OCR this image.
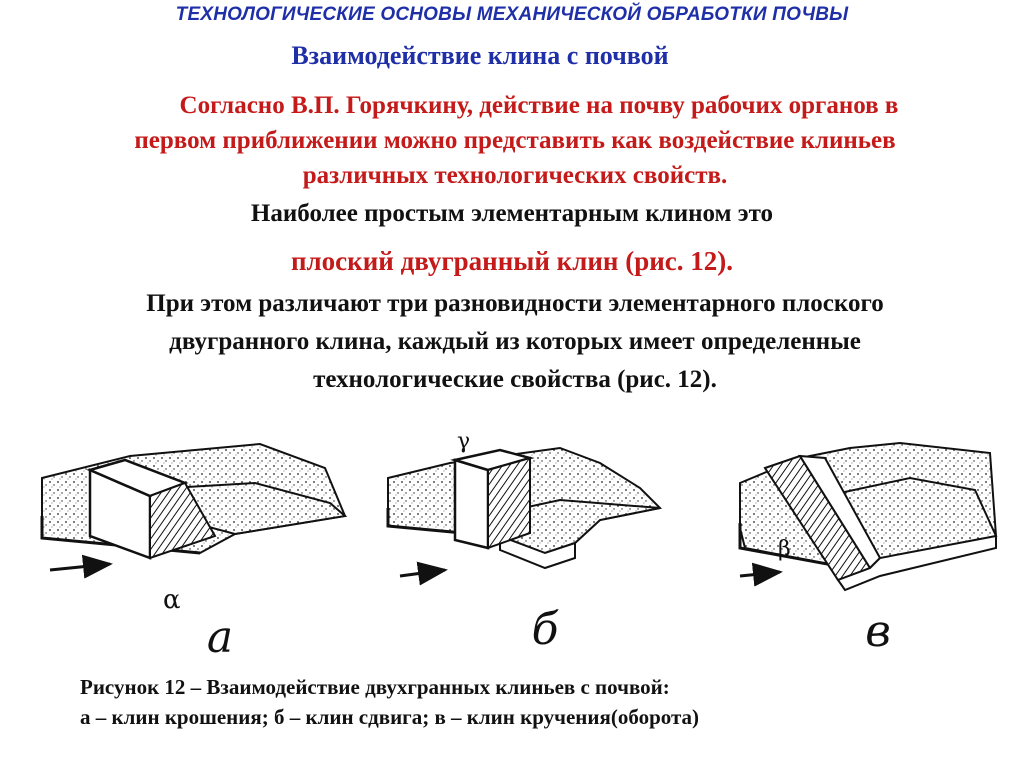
ТЕХНОЛОГИЧЕСКИЕ ОСНОВЫ МЕХАНИЧЕСКОЙ ОБРАБОТКИ ПОЧВЫ
Взаимодействие клина с почвой
Согласно В.П. Горячкину, действие на почву рабочих органов в
первом приближении можно представить как воздействие клиньев
различных технологических свойств.
Наиболее простым элементарным клином это
плоский двугранный клин (рис. 12).
При этом различают три разновидности элементарного плоского
двугранного клина, каждый из которых имеет определенные
технологические свойства (рис. 12).
α
γ
β
а	б	в
Рисунок 12 – Взаимодействие двухгранных клиньев с почвой:
а – клин крошения; б – клин сдвига; в – клин кручения(оборота)
